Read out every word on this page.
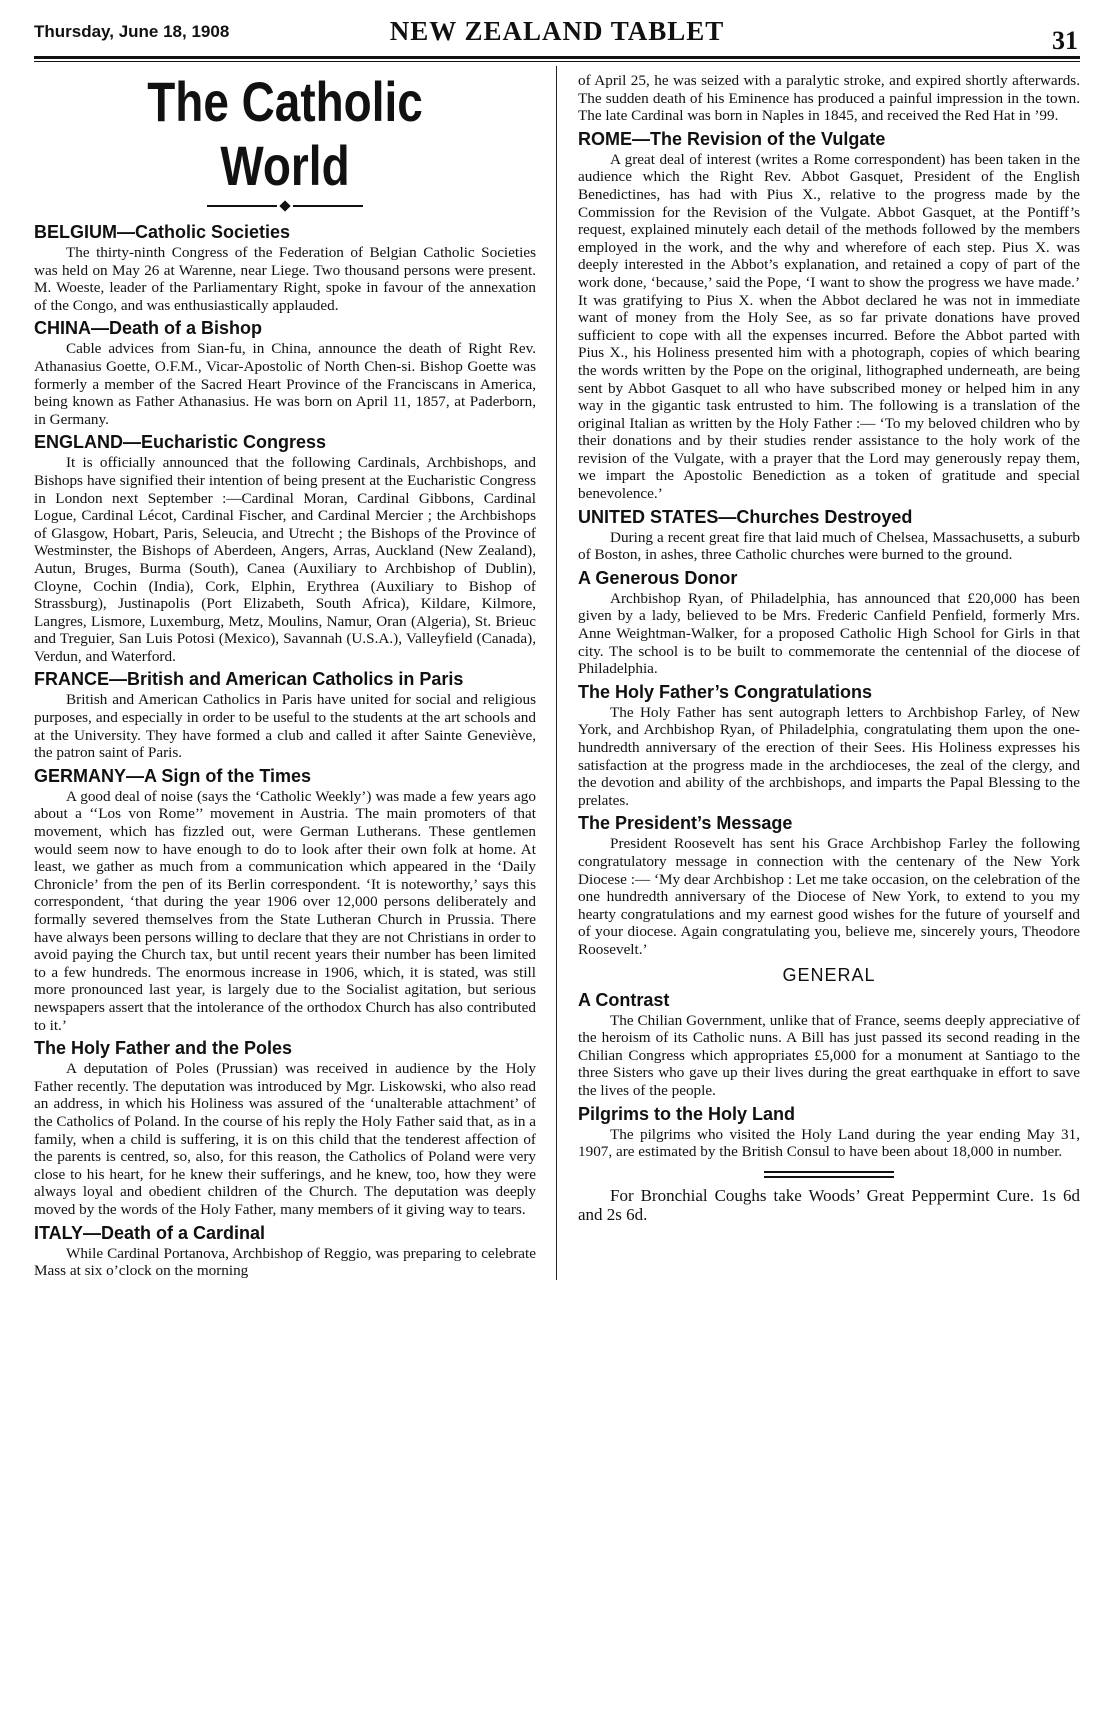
Thursday, June 18, 1908	NEW ZEALAND TABLET	31
The Catholic World
BELGIUM—Catholic Societies

The thirty-ninth Congress of the Federation of Belgian Catholic Societies was held on May 26 at Warenne, near Liege. Two thousand persons were present. M. Woeste, leader of the Parliamentary Right, spoke in favour of the annexation of the Congo, and was enthusiastically applauded.

CHINA—Death of a Bishop

Cable advices from Sian-fu, in China, announce the death of Right Rev. Athanasius Goette, O.F.M., Vicar-Apostolic of North Chen-si. Bishop Goette was formerly a member of the Sacred Heart Province of the Franciscans in America, being known as Father Athanasius. He was born on April 11, 1857, at Paderborn, in Germany.

ENGLAND—Eucharistic Congress

It is officially announced that the following Cardinals, Archbishops, and Bishops have signified their intention of being present at the Eucharistic Congress in London next September :—Cardinal Moran, Cardinal Gibbons, Cardinal Logue, Cardinal Lécot, Cardinal Fischer, and Cardinal Mercier ; the Archbishops of Glasgow, Hobart, Paris, Seleucia, and Utrecht ; the Bishops of the Province of Westminster, the Bishops of Aberdeen, Angers, Arras, Auckland (New Zealand), Autun, Bruges, Burma (South), Canea (Auxiliary to Archbishop of Dublin), Cloyne, Cochin (India), Cork, Elphin, Erythrea (Auxiliary to Bishop of Strassburg), Justinapolis (Port Elizabeth, South Africa), Kildare, Kilmore, Langres, Lismore, Luxemburg, Metz, Moulins, Namur, Oran (Algeria), St. Brieuc and Treguier, San Luis Potosi (Mexico), Savannah (U.S.A.), Valleyfield (Canada), Verdun, and Waterford.

FRANCE—British and American Catholics in Paris

British and American Catholics in Paris have united for social and religious purposes, and especially in order to be useful to the students at the art schools and at the University. They have formed a club and called it after Sainte Geneviève, the patron saint of Paris.

GERMANY—A Sign of the Times

A good deal of noise (says the ‘Catholic Weekly’) was made a few years ago about a ‘‘Los von Rome’’ movement in Austria. The main promoters of that movement, which has fizzled out, were German Lutherans. These gentlemen would seem now to have enough to do to look after their own folk at home. At least, we gather as much from a communication which appeared in the ‘Daily Chronicle’ from the pen of its Berlin correspondent. ‘It is noteworthy,’ says this correspondent, ‘that during the year 1906 over 12,000 persons deliberately and formally severed themselves from the State Lutheran Church in Prussia. There have always been persons willing to declare that they are not Christians in order to avoid paying the Church tax, but until recent years their number has been limited to a few hundreds. The enormous increase in 1906, which, it is stated, was still more pronounced last year, is largely due to the Socialist agitation, but serious newspapers assert that the intolerance of the orthodox Church has also contributed to it.’

The Holy Father and the Poles

A deputation of Poles (Prussian) was received in audience by the Holy Father recently. The deputation was introduced by Mgr. Liskowski, who also read an address, in which his Holiness was assured of the ‘unalterable attachment’ of the Catholics of Poland. In the course of his reply the Holy Father said that, as in a family, when a child is suffering, it is on this child that the tenderest affection of the parents is centred, so, also, for this reason, the Catholics of Poland were very close to his heart, for he knew their sufferings, and he knew, too, how they were always loyal and obedient children of the Church. The deputation was deeply moved by the words of the Holy Father, many members of it giving way to tears.

ITALY—Death of a Cardinal

While Cardinal Portanova, Archbishop of Reggio, was preparing to celebrate Mass at six o’clock on the morning

of April 25, he was seized with a paralytic stroke, and expired shortly afterwards. The sudden death of his Eminence has produced a painful impression in the town. The late Cardinal was born in Naples in 1845, and received the Red Hat in ’99.

ROME—The Revision of the Vulgate

A great deal of interest (writes a Rome correspondent) has been taken in the audience which the Right Rev. Abbot Gasquet, President of the English Benedictines, has had with Pius X., relative to the progress made by the Commission for the Revision of the Vulgate. Abbot Gasquet, at the Pontiff’s request, explained minutely each detail of the methods followed by the members employed in the work, and the why and wherefore of each step. Pius X. was deeply interested in the Abbot’s explanation, and retained a copy of part of the work done, ‘because,’ said the Pope, ‘I want to show the progress we have made.’ It was gratifying to Pius X. when the Abbot declared he was not in immediate want of money from the Holy See, as so far private donations have proved sufficient to cope with all the expenses incurred. Before the Abbot parted with Pius X., his Holiness presented him with a photograph, copies of which bearing the words written by the Pope on the original, lithographed underneath, are being sent by Abbot Gasquet to all who have subscribed money or helped him in any way in the gigantic task entrusted to him. The following is a translation of the original Italian as written by the Holy Father :— ‘To my beloved children who by their donations and by their studies render assistance to the holy work of the revision of the Vulgate, with a prayer that the Lord may generously repay them, we impart the Apostolic Benediction as a token of gratitude and special benevolence.’

UNITED STATES—Churches Destroyed

During a recent great fire that laid much of Chelsea, Massachusetts, a suburb of Boston, in ashes, three Catholic churches were burned to the ground.

A Generous Donor

Archbishop Ryan, of Philadelphia, has announced that £20,000 has been given by a lady, believed to be Mrs. Frederic Canfield Penfield, formerly Mrs. Anne Weightman-Walker, for a proposed Catholic High School for Girls in that city. The school is to be built to commemorate the centennial of the diocese of Philadelphia.

The Holy Father’s Congratulations

The Holy Father has sent autograph letters to Archbishop Farley, of New York, and Archbishop Ryan, of Philadelphia, congratulating them upon the one-hundredth anniversary of the erection of their Sees. His Holiness expresses his satisfaction at the progress made in the archdioceses, the zeal of the clergy, and the devotion and ability of the archbishops, and imparts the Papal Blessing to the prelates.

The President’s Message

President Roosevelt has sent his Grace Archbishop Farley the following congratulatory message in connection with the centenary of the New York Diocese :— ‘My dear Archbishop : Let me take occasion, on the celebration of the one hundredth anniversary of the Diocese of New York, to extend to you my hearty congratulations and my earnest good wishes for the future of yourself and of your diocese. Again congratulating you, believe me, sincerely yours, Theodore Roosevelt.’

GENERAL
A Contrast

The Chilian Government, unlike that of France, seems deeply appreciative of the heroism of its Catholic nuns. A Bill has just passed its second reading in the Chilian Congress which appropriates £5,000 for a monument at Santiago to the three Sisters who gave up their lives during the great earthquake in effort to save the lives of the people.

Pilgrims to the Holy Land

The pilgrims who visited the Holy Land during the year ending May 31, 1907, are estimated by the British Consul to have been about 18,000 in number.

For Bronchial Coughs take Woods’ Great Peppermint Cure. 1s 6d and 2s 6d.
